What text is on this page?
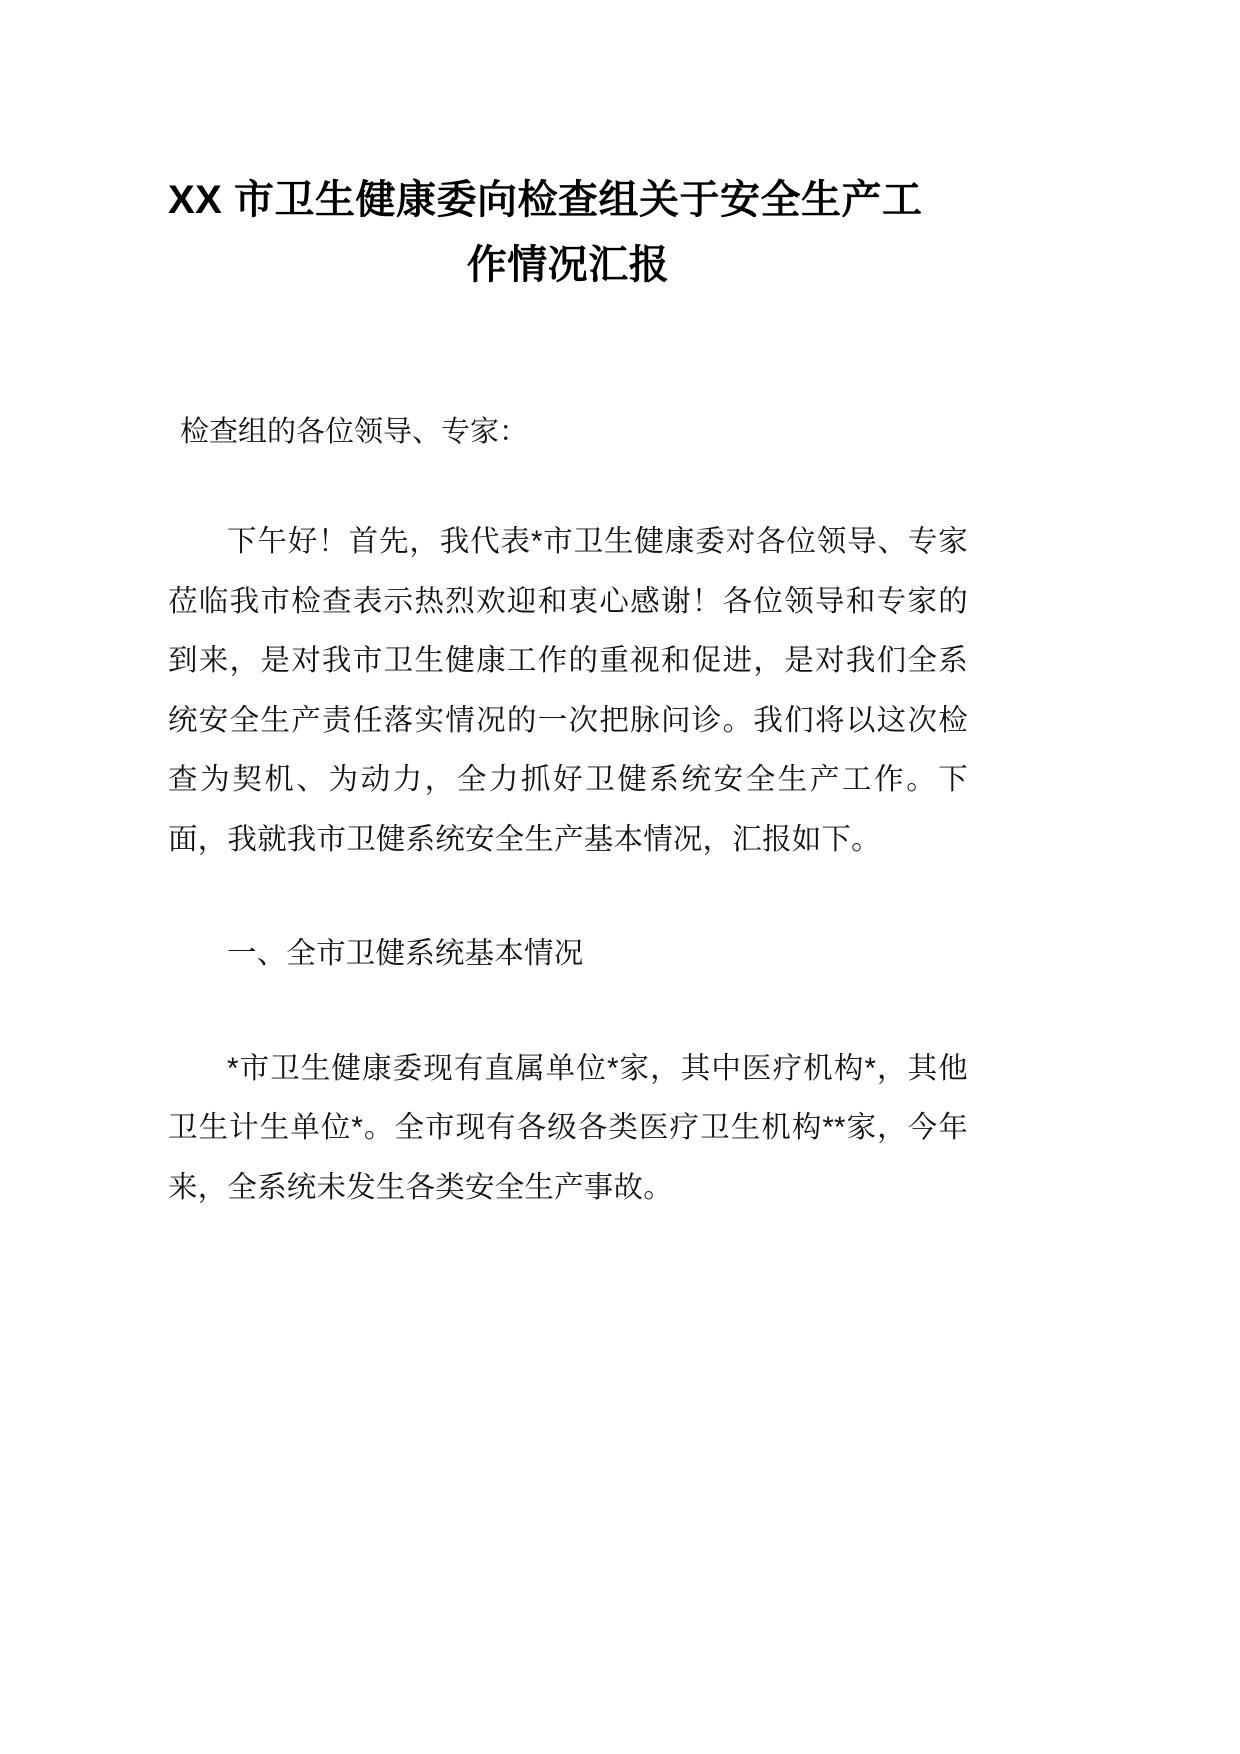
XX 市卫生健康委向检查组关于安全生产工
作情况汇报

检查组的各位领导、专家：

下午好！首先，我代表*市卫生健康委对各位领导、专家莅临我市检查表示热烈欢迎和衷心感谢！各位领导和专家的到来，是对我市卫生健康工作的重视和促进，是对我们全系统安全生产责任落实情况的一次把脉问诊。我们将以这次检查为契机、为动力，全力抓好卫健系统安全生产工作。下面，我就我市卫健系统安全生产基本情况，汇报如下。

一、全市卫健系统基本情况

*市卫生健康委现有直属单位*家，其中医疗机构*，其他卫生计生单位*。全市现有各级各类医疗卫生机构**家，今年来，全系统未发生各类安全生产事故。
